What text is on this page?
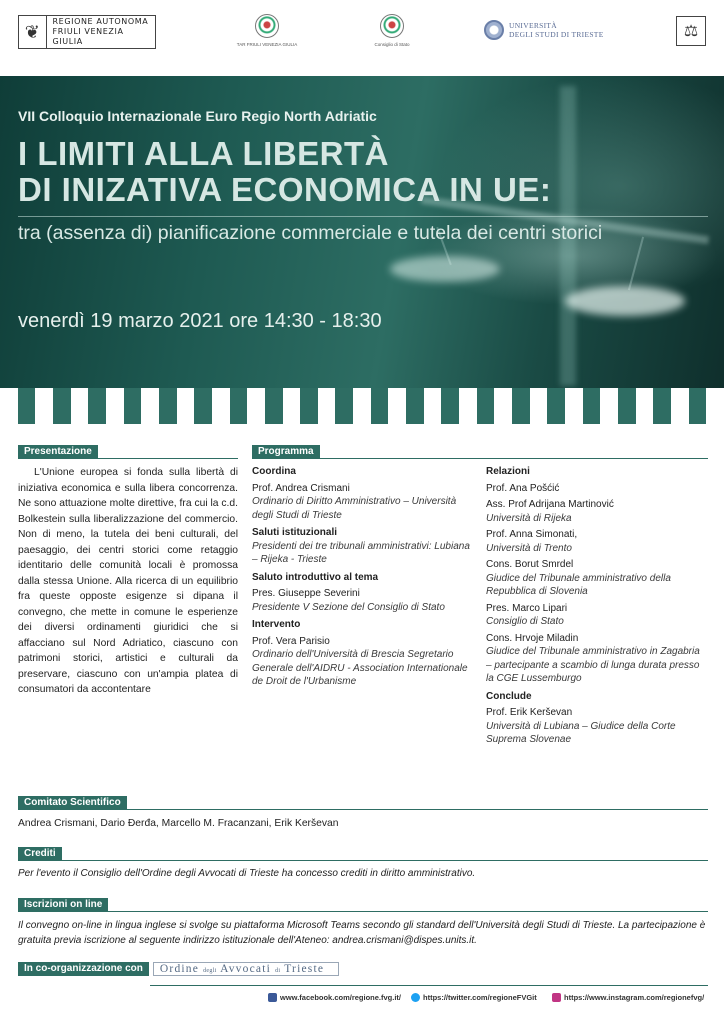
❦	REGIONE AUTONOMA
FRIULI VENEZIA GIULIA	TAR FRIULI VENEZIA GIULIA	Consiglio di Stato
UNIVERSITÀ
DEGLI STUDI DI TRIESTE	⚖
VII Colloquio Internazionale Euro Regio North Adriatic
I LIMITI ALLA LIBERTÀ
DI INIZATIVA ECONOMICA IN UE:
tra (assenza di) pianificazione commerciale e tutela dei centri storici
venerdì 19 marzo 2021 ore 14:30 - 18:30
Presentazione

L'Unione europea si fonda sulla libertà di iniziativa economica e sulla libera concorrenza. Ne sono attuazione molte direttive, fra cui la c.d. Bolkestein sulla liberalizzazione del commercio. Non di meno, la tutela dei beni culturali, del paesaggio, dei centri storici come retaggio identitario delle comunità locali è promossa dalla stessa Unione. Alla ricerca di un equilibrio fra queste opposte esigenze si dipana il convegno, che mette in comune le esperienze dei diversi ordinamenti giuridici che si affacciano sul Nord Adriatico, ciascuno con patrimoni storici, artistici e culturali da preservare, ciascuno con un'ampia platea di consumatori da accontentare

Programma
Coordina
Prof. Andrea Crismani
Ordinario di Diritto Amministrativo – Università degli Studi di Trieste
Saluti istituzionali
Presidenti dei tre tribunali amministrativi: Lubiana – Rijeka - Trieste
Saluto introduttivo al tema
Pres. Giuseppe Severini
Presidente V Sezione del Consiglio di Stato
Intervento
Prof. Vera Parisio
Ordinario dell'Università di Brescia Segretario Generale dell'AIDRU - Association Internationale de Droit de l'Urbanisme
Relazioni
Prof. Ana Pošćić
Ass. Prof Adrijana Martinović
Università di Rijeka
Prof. Anna Simonati,
Università di Trento
Cons. Borut Smrdel
Giudice del Tribunale amministrativo della Repubblica di Slovenia
Pres. Marco Lipari
Consiglio di Stato
Cons. Hrvoje Miladin
Giudice del Tribunale amministrativo in Zagabria – partecipante a scambio di lunga durata presso la CGE Lussemburgo
Conclude
Prof. Erik Kerševan
Università di Lubiana – Giudice della Corte Suprema Slovenae
Comitato Scientifico
Andrea Crismani, Dario Đerđa, Marcello M. Fracanzani, Erik Kerševan
Crediti
Per l'evento il Consiglio dell'Ordine degli Avvocati di Trieste ha concesso crediti in diritto amministrativo.
Iscrizioni on line

Il convegno on-line in lingua inglese si svolge su piattaforma Microsoft Teams secondo gli standard dell'Università degli Studi di Trieste. La partecipazione è gratuita previa iscrizione al seguente indirizzo istituzionale dell'Ateneo: andrea.crismani@dispes.units.it.

In co-organizzazione con	Ordine degli Avvocati di Trieste
www.facebook.com/regione.fvg.it/	https://twitter.com/regioneFVGit	https://www.instagram.com/regionefvg/
